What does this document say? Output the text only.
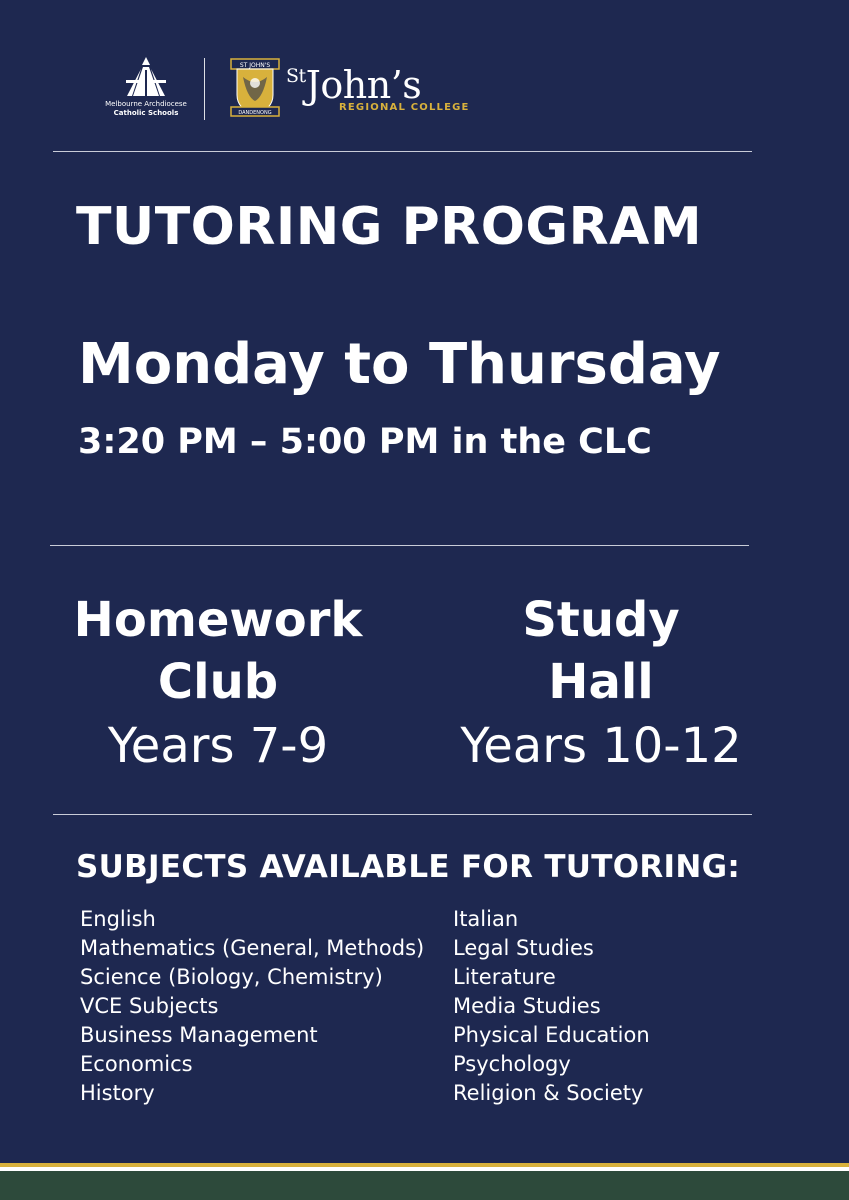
Melbourne Archdiocese
Catholic Schools
ST JOHN'S
DANDENONG
$^{St}$John’s
REGIONAL COLLEGE
TUTORING PROGRAM
Monday to Thursday
3:20 PM – 5:00 PM in the CLC
Homework
Club
Years 7-9
Study
Hall
Years 10-12
SUBJECTS AVAILABLE FOR TUTORING:
English
Mathematics (General, Methods)
Science (Biology, Chemistry)
VCE Subjects
Business Management
Economics
History
Italian
Legal Studies
Literature
Media Studies
Physical Education
Psychology
Religion & Society
